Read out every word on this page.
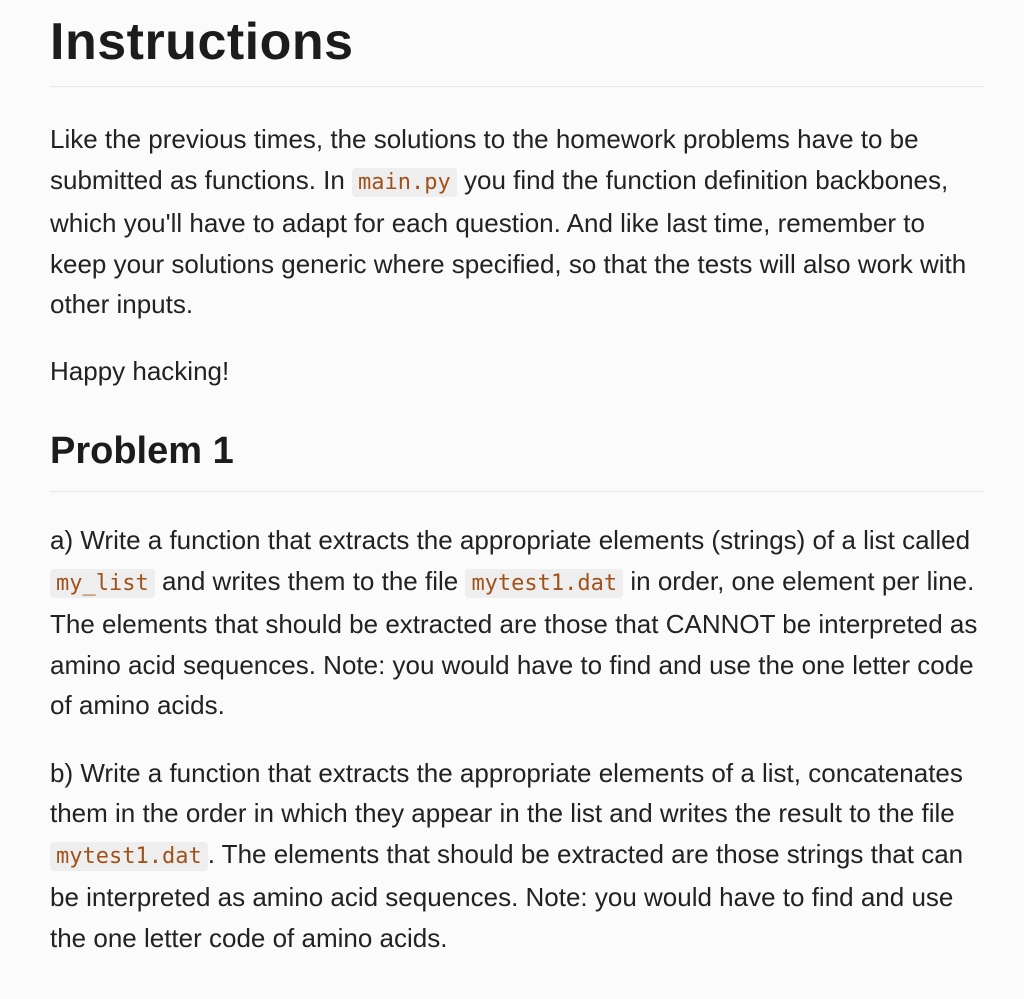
Instructions

Like the previous times, the solutions to the homework problems have to be submitted as functions. In main.py you find the function definition backbones, which you'll have to adapt for each question. And like last time, remember to keep your solutions generic where specified, so that the tests will also work with other inputs.

Happy hacking!

Problem 1

a) Write a function that extracts the appropriate elements (strings) of a list called my_list and writes them to the file mytest1.dat in order, one element per line. The elements that should be extracted are those that CANNOT be interpreted as amino acid sequences. Note: you would have to find and use the one letter code of amino acids.

b) Write a function that extracts the appropriate elements of a list, concatenates them in the order in which they appear in the list and writes the result to the file mytest1.dat . The elements that should be extracted are those strings that can be interpreted as amino acid sequences. Note: you would have to find and use the one letter code of amino acids.
